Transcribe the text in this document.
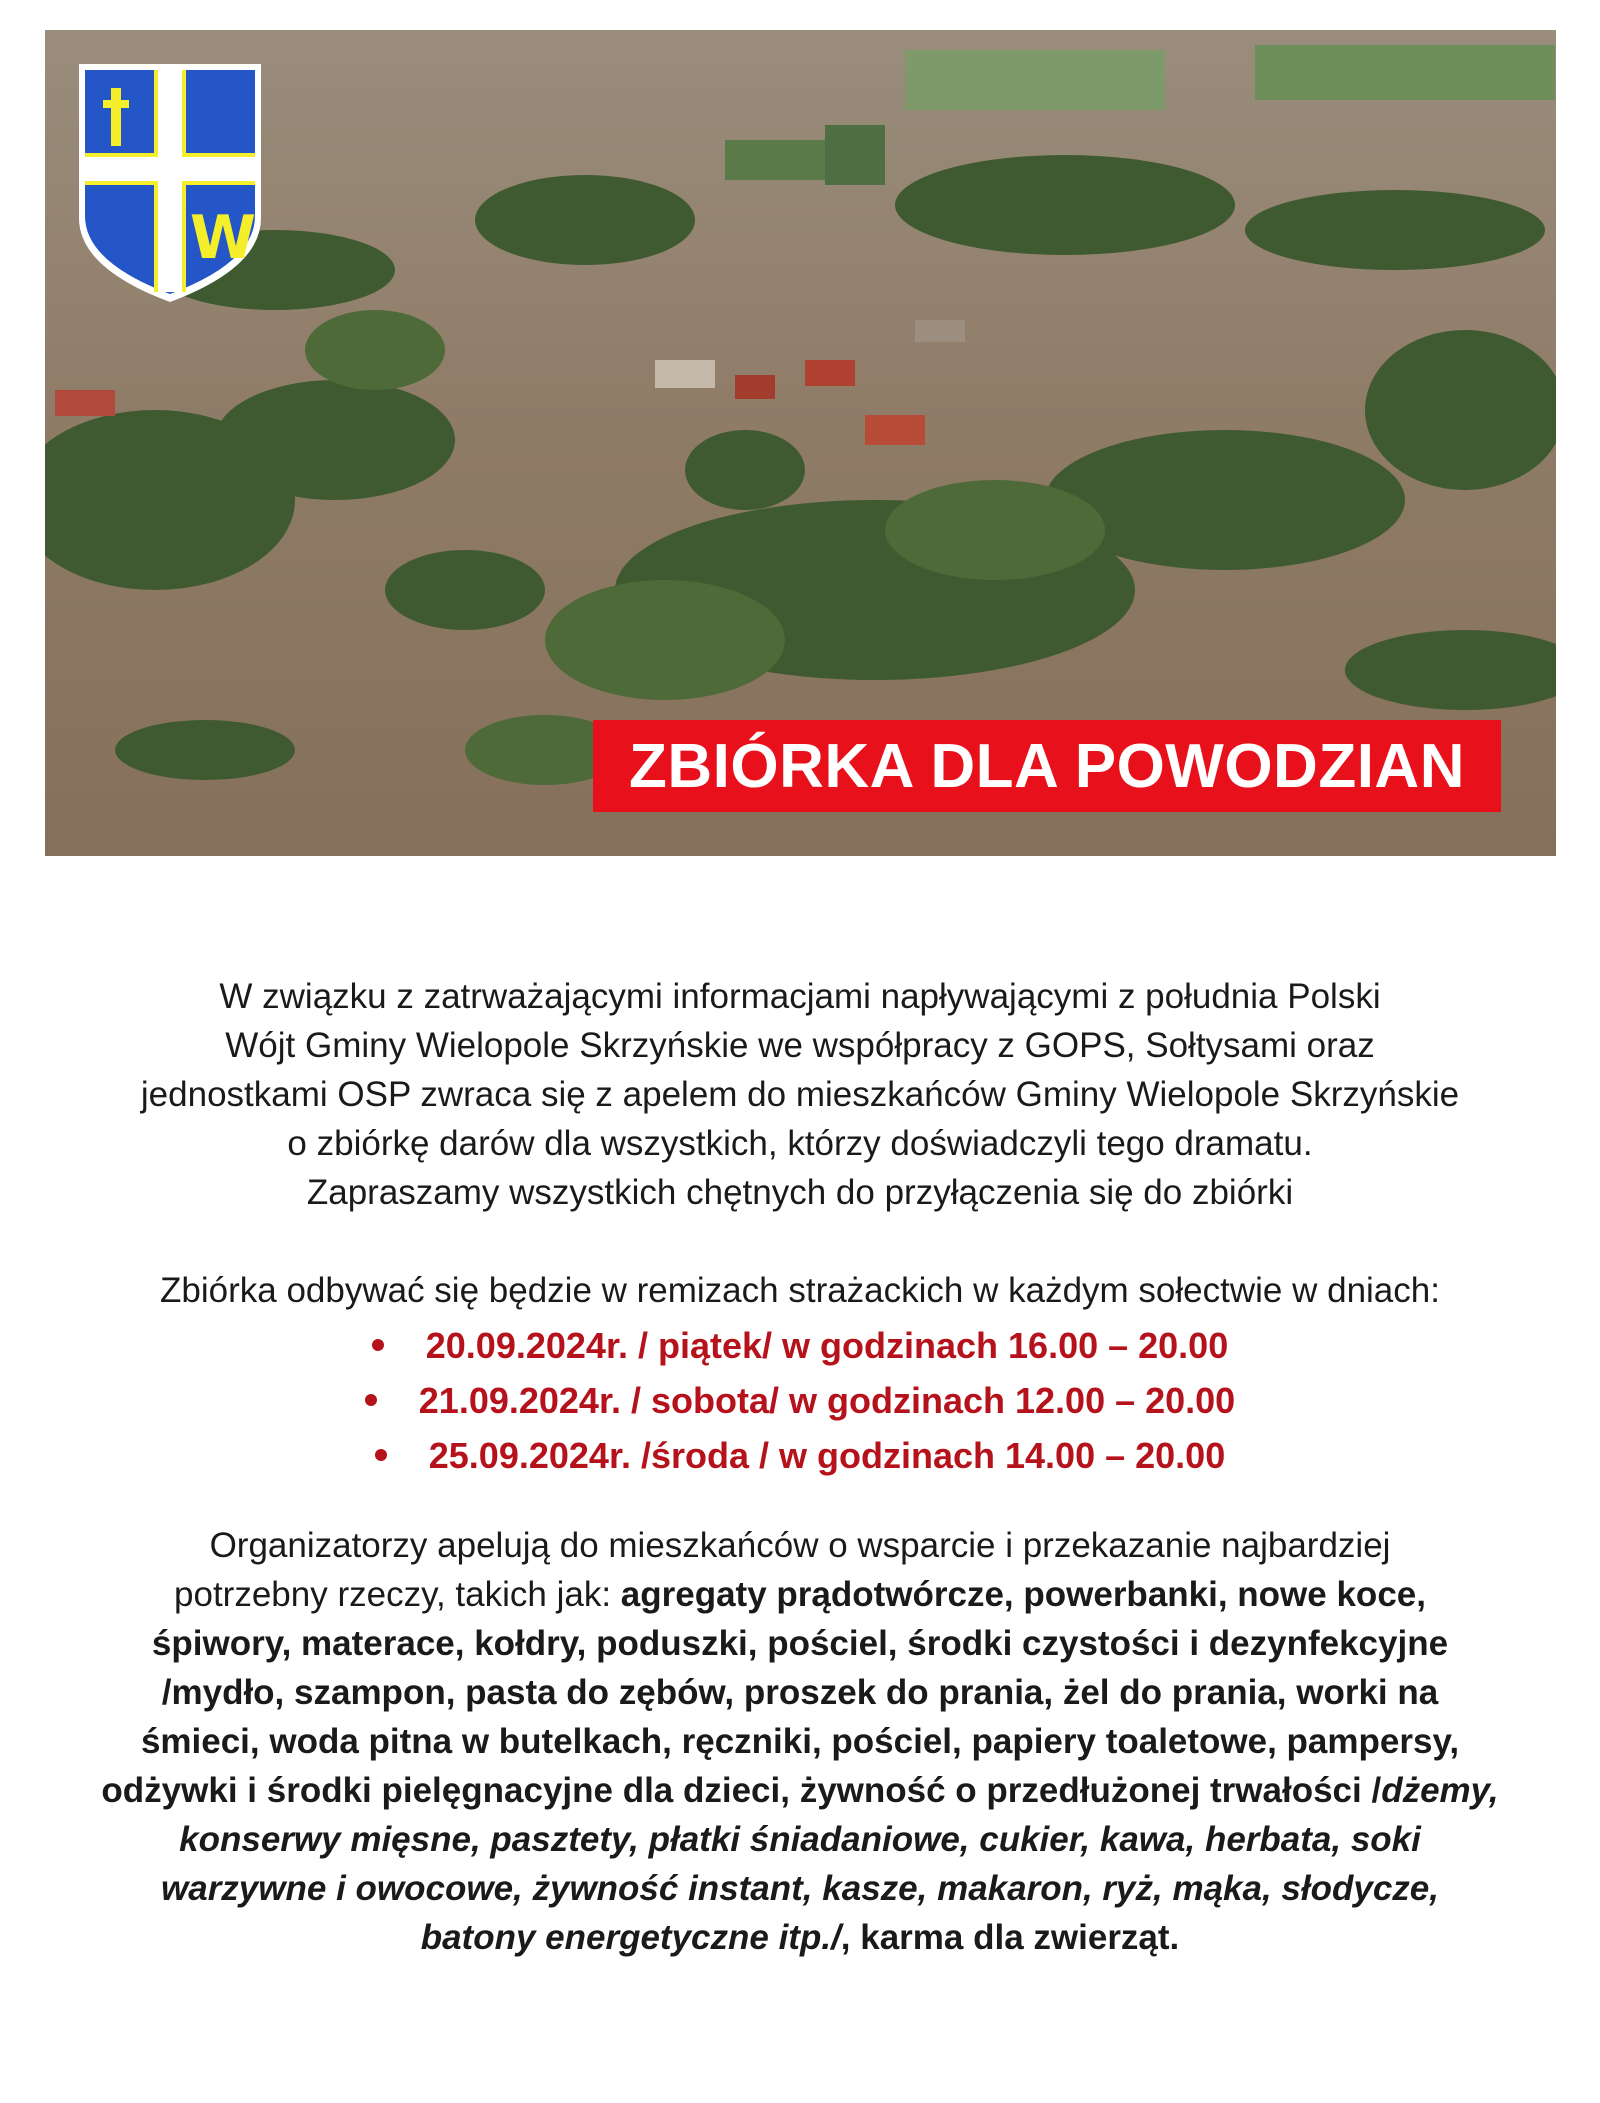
W
ZBIÓRKA DLA POWODZIAN

W związku z zatrważającymi informacjami napływającymi z południa Polski

Wójt Gminy Wielopole Skrzyńskie we współpracy z GOPS, Sołtysami oraz

jednostkami OSP zwraca się z apelem do mieszkańców Gminy Wielopole Skrzyńskie

o zbiórkę darów dla wszystkich, którzy doświadczyli tego dramatu.

Zapraszamy wszystkich chętnych do przyłączenia się do zbiórki

Zbiórka odbywać się będzie w remizach strażackich w każdym sołectwie w dniach:

20.09.2024r. / piątek/ w godzinach 16.00 – 20.00
21.09.2024r. / sobota/ w godzinach 12.00 – 20.00
25.09.2024r. /środa / w godzinach 14.00 – 20.00

Organizatorzy apelują do mieszkańców o wsparcie i przekazanie najbardziej

potrzebny rzeczy, takich jak: agregaty prądotwórcze, powerbanki, nowe koce,

śpiwory, materace, kołdry, poduszki, pościel, środki czystości i dezynfekcyjne

/mydło, szampon, pasta do zębów, proszek do prania, żel do prania, worki na

śmieci, woda pitna w butelkach, ręczniki, pościel, papiery toaletowe, pampersy,

odżywki i środki pielęgnacyjne dla dzieci, żywność o przedłużonej trwałości /dżemy,

konserwy mięsne, pasztety, płatki śniadaniowe, cukier, kawa, herbata, soki

warzywne i owocowe, żywność instant, kasze, makaron, ryż, mąka, słodycze,

batony energetyczne itp./, karma dla zwierząt.
